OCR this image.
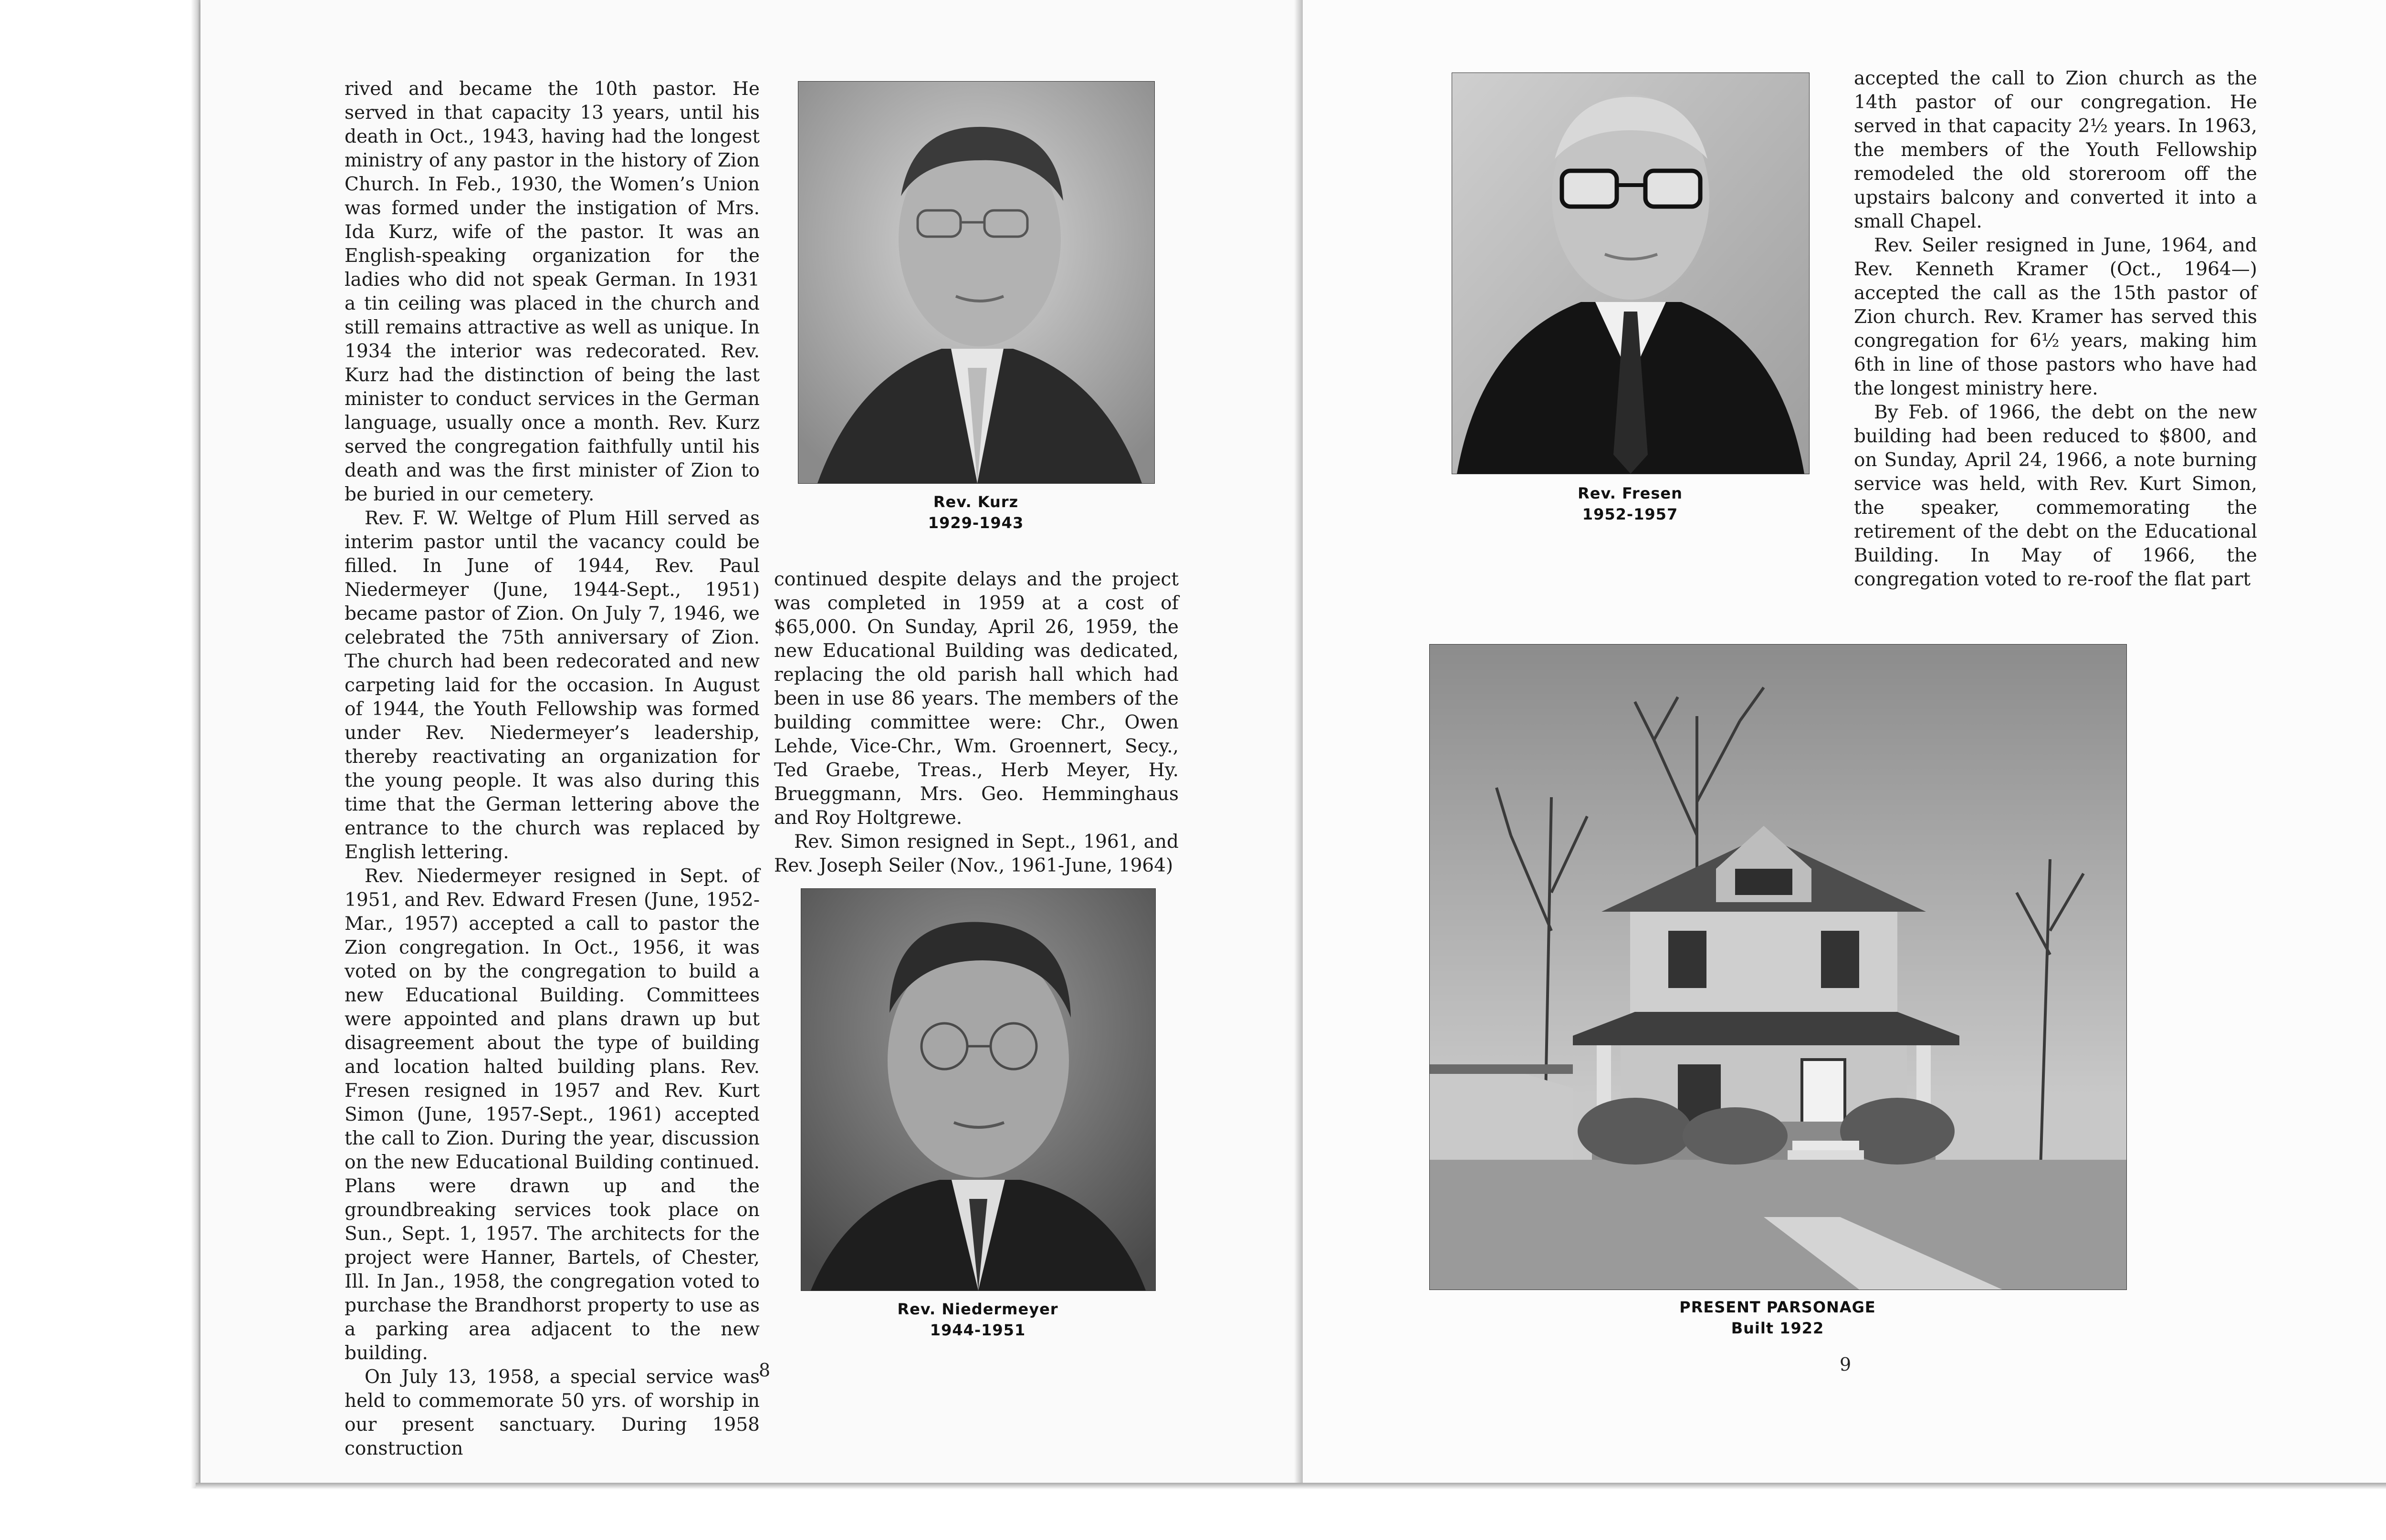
rived and became the 10th pastor. He served in that capacity 13 years, until his death in Oct., 1943, having had the longest ministry of any pastor in the history of Zion Church. In Feb., 1930, the Women’s Union was formed under the instigation of Mrs. Ida Kurz, wife of the pastor. It was an English-speaking organization for the ladies who did not speak German. In 1931 a tin ceiling was placed in the church and still remains attractive as well as unique. In 1934 the interior was redecorated. Rev. Kurz had the distinction of being the last minister to conduct services in the German language, usually once a month. Rev. Kurz served the congregation faithfully until his death and was the first minister of Zion to be buried in our cemetery.

Rev. F. W. Weltge of Plum Hill served as interim pastor until the vacancy could be filled. In June of 1944, Rev. Paul Niedermeyer (June, 1944-Sept., 1951) became pastor of Zion. On July 7, 1946, we celebrated the 75th anniversary of Zion. The church had been redecorated and new carpeting laid for the occasion. In August of 1944, the Youth Fellowship was formed under Rev. Niedermeyer’s leadership, thereby reactivating an organization for the young people. It was also during this time that the German lettering above the entrance to the church was replaced by English lettering.

Rev. Niedermeyer resigned in Sept. of 1951, and Rev. Edward Fresen (June, 1952-Mar., 1957) accepted a call to pastor the Zion congregation. In Oct., 1956, it was voted on by the congregation to build a new Educational Building. Committees were appointed and plans drawn up but disagreement about the type of building and location halted building plans. Rev. Fresen resigned in 1957 and Rev. Kurt Simon (June, 1957-Sept., 1961) accepted the call to Zion. During the year, discussion on the new Educational Building continued. Plans were drawn up and the groundbreaking services took place on Sun., Sept. 1, 1957. The architects for the project were Hanner, Bartels, of Chester, Ill. In Jan., 1958, the congregation voted to purchase the Brandhorst property to use as a parking area adjacent to the new building.

On July 13, 1958, a special service was held to commemorate 50 yrs. of worship in our present sanctuary. During 1958 construction

Rev. Kurz
1929-1943

continued despite delays and the project was completed in 1959 at a cost of $65,000. On Sunday, April 26, 1959, the new Educational Building was dedicated, replacing the old parish hall which had been in use 86 years. The members of the building committee were: Chr., Owen Lehde, Vice-Chr., Wm. Groennert, Secy., Ted Graebe, Treas., Herb Meyer, Hy. Brueggmann, Mrs. Geo. Hemminghaus and Roy Holtgrewe.

Rev. Simon resigned in Sept., 1961, and Rev. Joseph Seiler (Nov., 1961-June, 1964)

Rev. Niedermeyer
1944-1951
8
Rev. Fresen
1952-1957

accepted the call to Zion church as the 14th pastor of our congregation. He served in that capacity 2½ years. In 1963, the members of the Youth Fellowship remodeled the old storeroom off the upstairs balcony and converted it into a small Chapel.

Rev. Seiler resigned in June, 1964, and Rev. Kenneth Kramer (Oct., 1964—) accepted the call as the 15th pastor of Zion church. Rev. Kramer has served this congregation for 6½ years, making him 6th in line of those pastors who have had the longest ministry here.

By Feb. of 1966, the debt on the new building had been reduced to $800, and on Sunday, April 24, 1966, a note burning service was held, with Rev. Kurt Simon, the speaker, commemorating the retirement of the debt on the Educational Building. In May of 1966, the congregation voted to re-roof the flat part

PRESENT PARSONAGE
Built 1922
9
